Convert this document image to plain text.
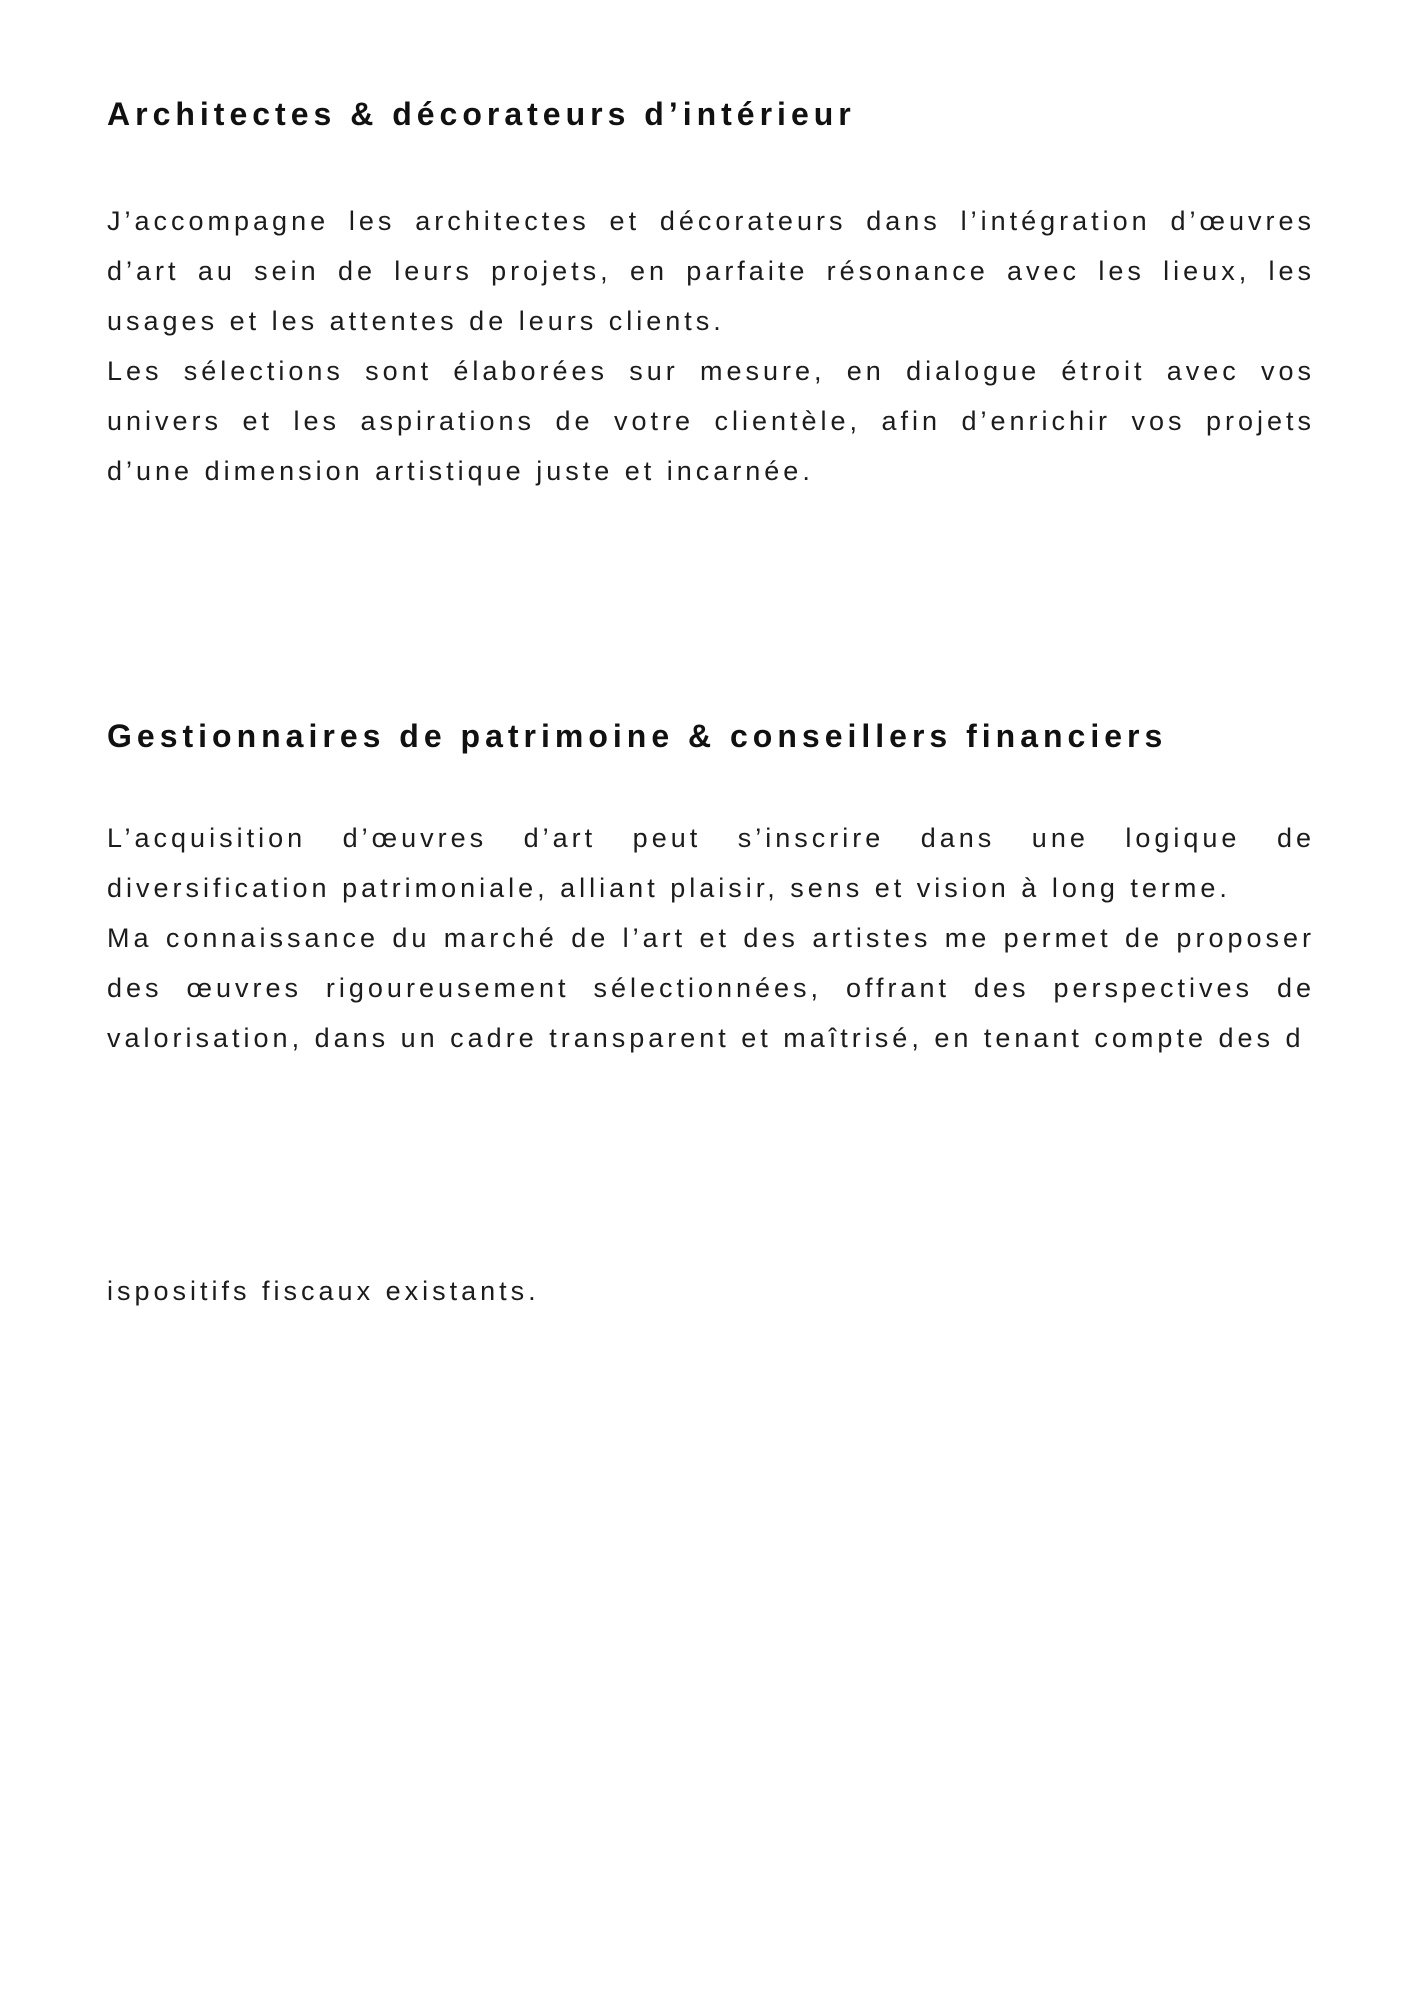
Architectes & décorateurs d’intérieur

J’accompagne les architectes et décorateurs dans l’intégration d’œuvres d’art au sein de leurs projets, en parfaite résonance avec les lieux, les usages et les attentes de leurs clients.

Les sélections sont élaborées sur mesure, en dialogue étroit avec vos univers et les aspirations de votre clientèle, afin d’enrichir vos projets d’une dimension artistique juste et incarnée.

Gestionnaires de patrimoine & conseillers financiers

L’acquisition d’œuvres d’art peut s’inscrire dans une logique de diversification patrimoniale, alliant plaisir, sens et vision à long terme.

Ma connaissance du marché de l’art et des artistes me permet de proposer des œuvres rigoureusement sélectionnées, offrant des perspectives de valorisation, dans un cadre transparent et maîtrisé, en tenant compte des d

ispositifs fiscaux existants.
